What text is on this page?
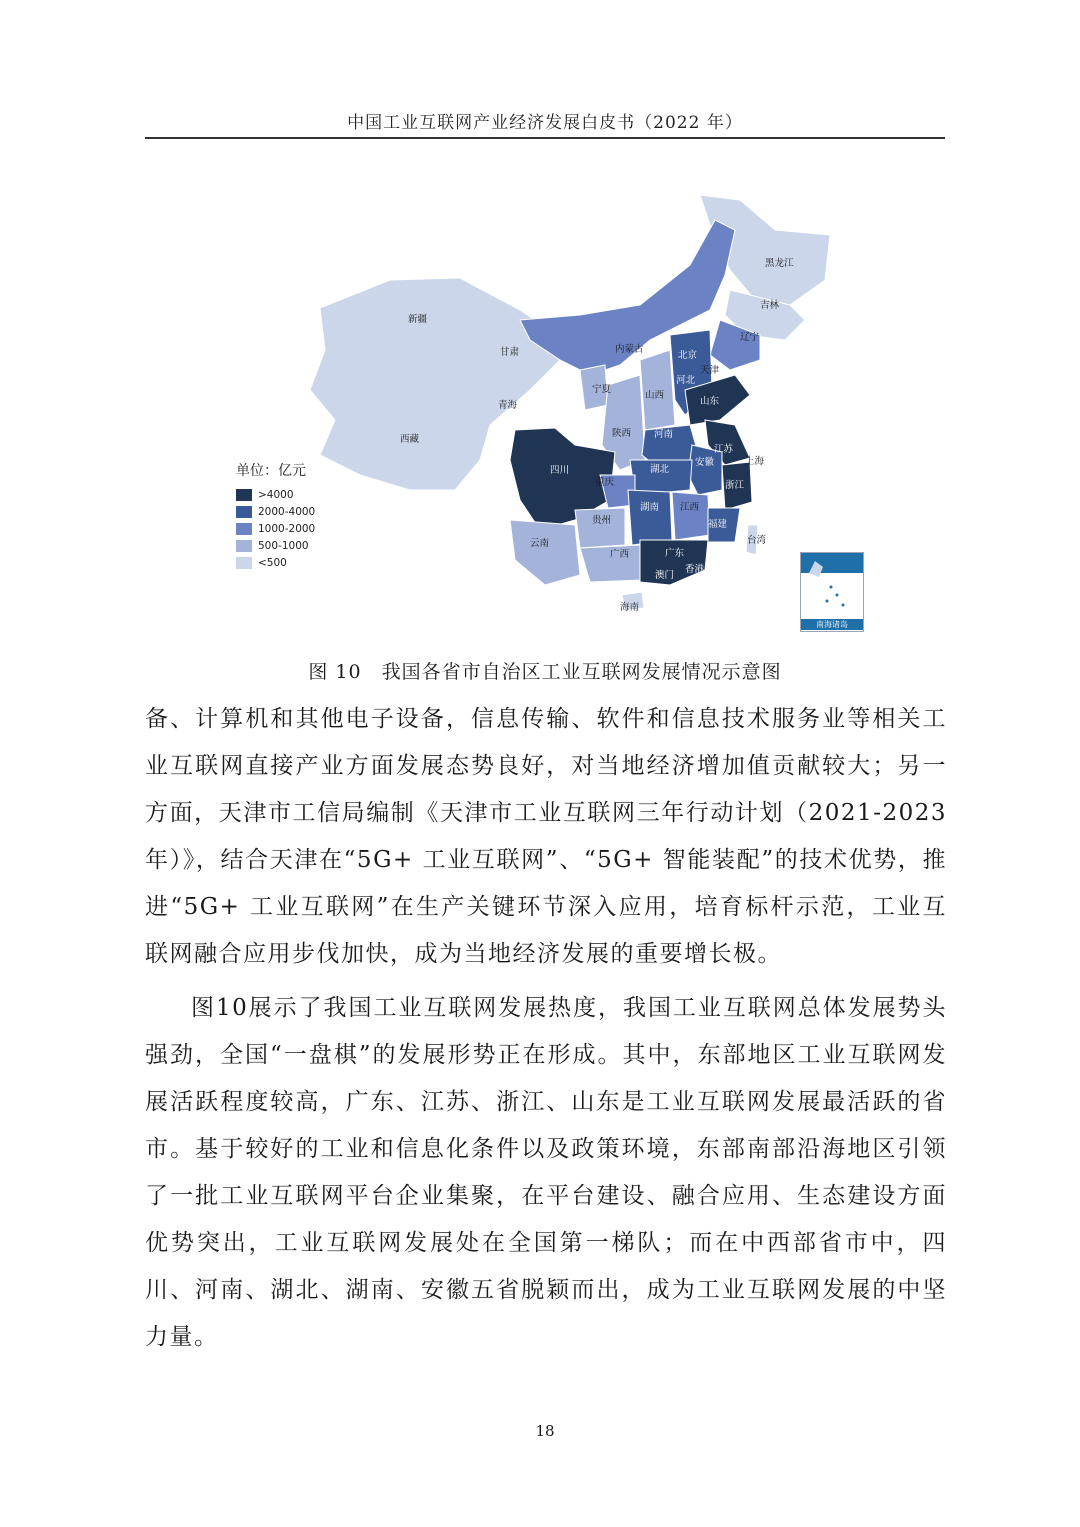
中国工业互联网产业经济发展白皮书（2022 年）
黑龙江
吉林
辽宁
新疆
甘肃	内蒙古
北京
天津
河北
宁夏
山西
山东
青海
西藏
陕西 河南
江苏
上海
四川	湖北
安徽
重庆	浙江
贵州
湖南 江西
福建
台湾
云南
广西	广东
香港
澳门
海南
单位：亿元
>4000
2000-4000
1000-2000
500-1000
<500
南海诸岛
图 10　我国各省市自治区工业互联网发展情况示意图
备、计算机和其他电子设备，信息传输、软件和信息技术服务业等相关工业互联网直接产业方面发展态势良好，对当地经济增加值贡献较大；另一方面，天津市工信局编制《天津市工业互联网三年行动计划（2021-2023年）》，结合天津在“5G+ 工业互联网”、“5G+ 智能装配”的技术优势，推进“5G+ 工业互联网”在生产关键环节深入应用，培育标杆示范，工业互联网融合应用步伐加快，成为当地经济发展的重要增长极。
图10展示了我国工业互联网发展热度，我国工业互联网总体发展势头强劲，全国“一盘棋”的发展形势正在形成。其中，东部地区工业互联网发展活跃程度较高，广东、江苏、浙江、山东是工业互联网发展最活跃的省市。基于较好的工业和信息化条件以及政策环境，东部南部沿海地区引领了一批工业互联网平台企业集聚，在平台建设、融合应用、生态建设方面优势突出，工业互联网发展处在全国第一梯队；而在中西部省市中，四川、河南、湖北、湖南、安徽五省脱颖而出，成为工业互联网发展的中坚力量。
18
